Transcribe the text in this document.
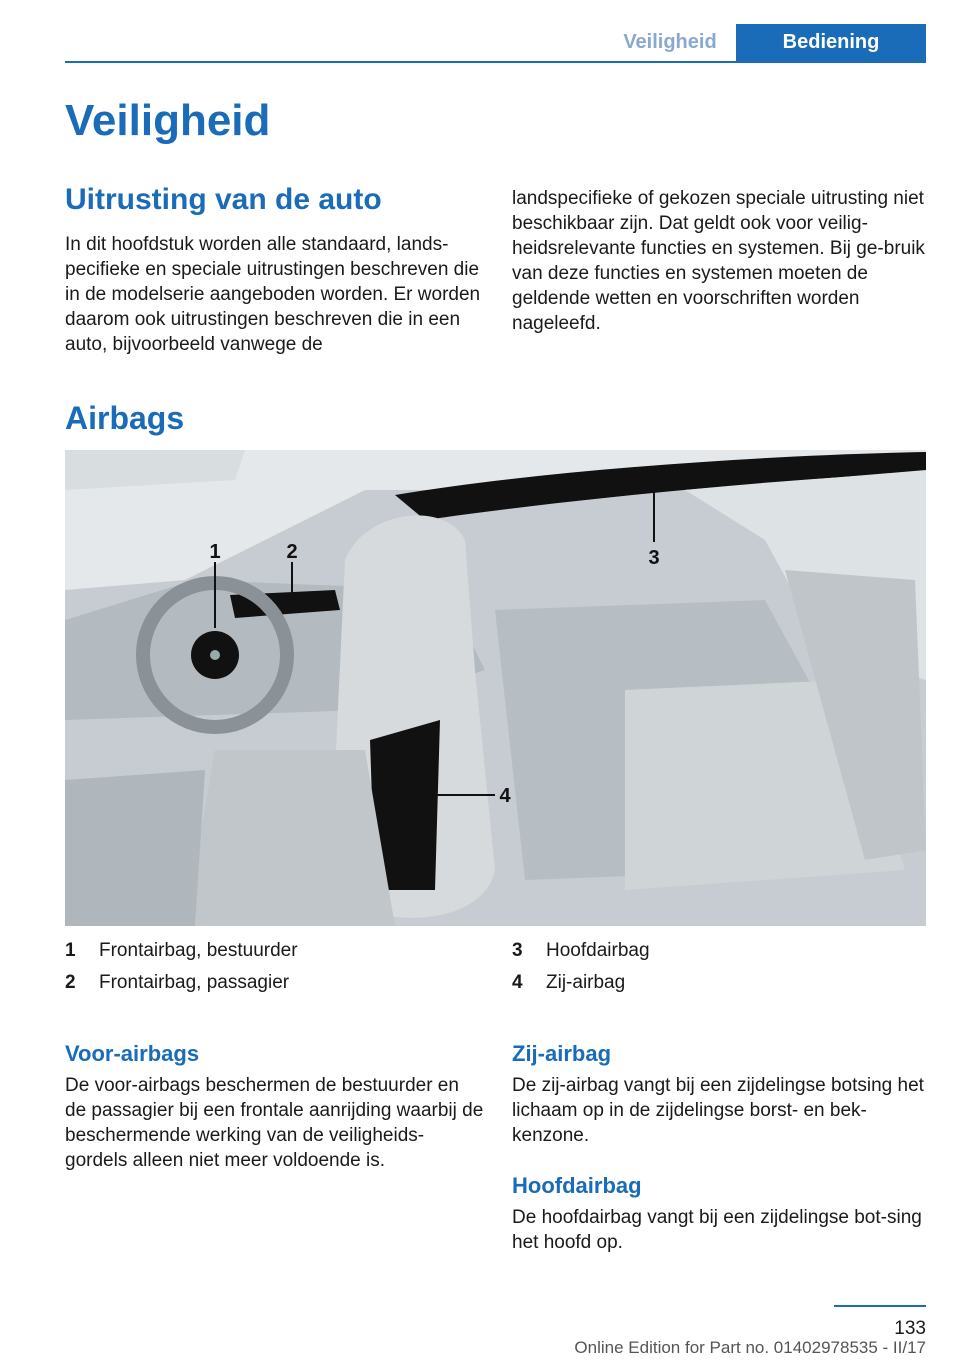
Veiligheid	Bediening
Veiligheid
Uitrusting van de auto

In dit hoofdstuk worden alle standaard, lands-pecifieke en speciale uitrustingen beschreven die in de modelserie aangeboden worden. Er worden daarom ook uitrustingen beschreven die in een auto, bijvoorbeeld vanwege de

landspecifieke of gekozen speciale uitrusting niet beschikbaar zijn. Dat geldt ook voor veilig-heidsrelevante functies en systemen. Bij ge-bruik van deze functies en systemen moeten de geldende wetten en voorschriften worden nageleefd.

Airbags
1	2	3
4
1	Frontairbag, bestuurder
2	Frontairbag, passagier
3	Hoofdairbag
4	Zij-airbag
Voor-airbags

De voor-airbags beschermen de bestuurder en de passagier bij een frontale aanrijding waarbij de beschermende werking van de veiligheids-gordels alleen niet meer voldoende is.

Zij-airbag

De zij-airbag vangt bij een zijdelingse botsing het lichaam op in de zijdelingse borst- en bek-kenzone.

Hoofdairbag

De hoofdairbag vangt bij een zijdelingse bot-sing het hoofd op.

133
Online Edition for Part no. 01402978535 - II/17
